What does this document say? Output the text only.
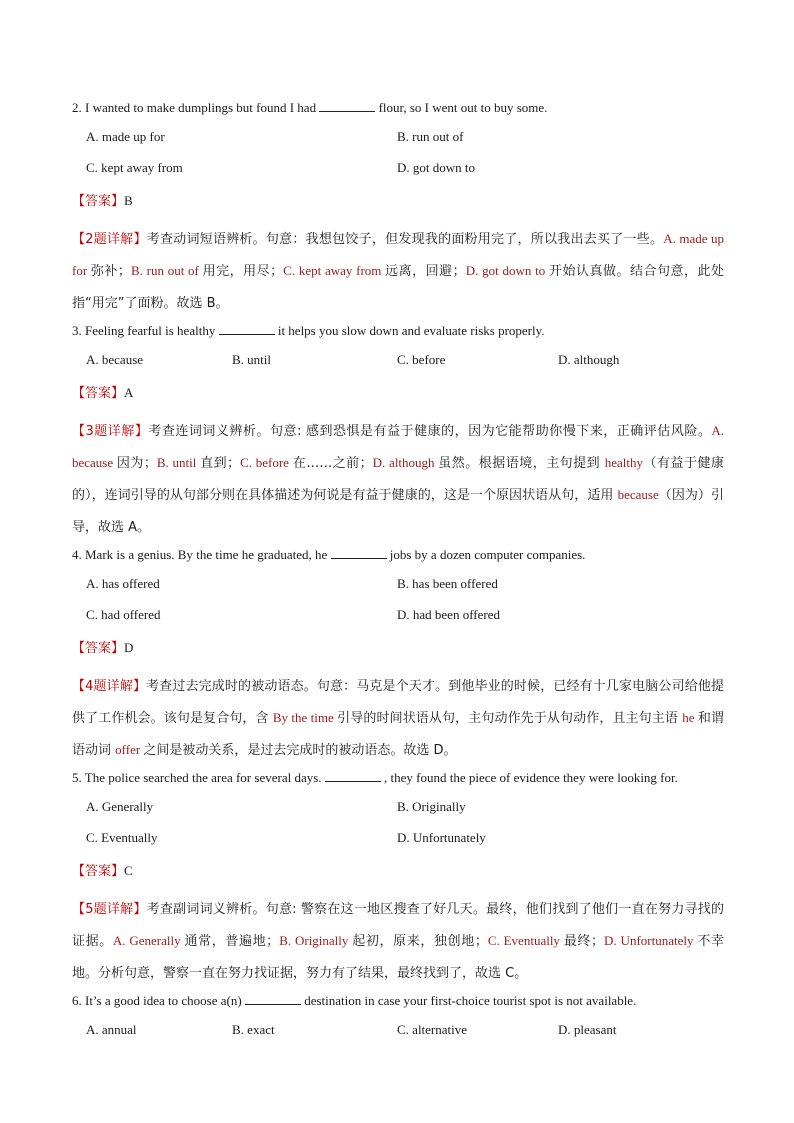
2. I wanted to make dumplings but found I had	flour, so I went out to buy some.
A. made up for	B. run out of
C. kept away from	D. got down to
【答案】B
【2题详解】考查动词短语辨析。句意：我想包饺子，但发现我的面粉用完了，所以我出去买了一些。A. made up for 弥补；B. run out of 用完，用尽；C. kept away from 远离，回避；D. got down to 开始认真做。结合句意，此处指“用完”了面粉。故选 B。
3. Feeling fearful is healthy	it helps you slow down and evaluate risks properly.
A. because	B. until	C. before	D. although
【答案】A
【3题详解】考查连词词义辨析。句意: 感到恐惧是有益于健康的，因为它能帮助你慢下来，正确评估风险。A. because 因为；B. until 直到；C. before 在……之前；D. although 虽然。根据语境，主句提到 healthy（有益于健康的），连词引导的从句部分则在具体描述为何说是有益于健康的，这是一个原因状语从句，适用 because（因为）引导，故选 A。
4. Mark is a genius. By the time he graduated, he	jobs by a dozen computer companies.
A. has offered	B. has been offered
C. had offered	D. had been offered
【答案】D
【4题详解】考查过去完成时的被动语态。句意：马克是个天才。到他毕业的时候，已经有十几家电脑公司给他提供了工作机会。该句是复合句，含 By the time 引导的时间状语从句，主句动作先于从句动作，且主句主语 he 和谓语动词 offer 之间是被动关系，是过去完成时的被动语态。故选 D。
5. The police searched the area for several days.	, they found the piece of evidence they were looking for.
A. Generally	B. Originally
C. Eventually	D. Unfortunately
【答案】C
【5题详解】考查副词词义辨析。句意: 警察在这一地区搜查了好几天。最终，他们找到了他们一直在努力寻找的证据。A. Generally 通常，普遍地；B. Originally 起初，原来，独创地；C. Eventually 最终；D. Unfortunately 不幸地。分析句意，警察一直在努力找证据，努力有了结果，最终找到了，故选 C。
6. It’s a good idea to choose a(n)	destination in case your first-choice tourist spot is not available.
A. annual	B. exact	C. alternative	D. pleasant
